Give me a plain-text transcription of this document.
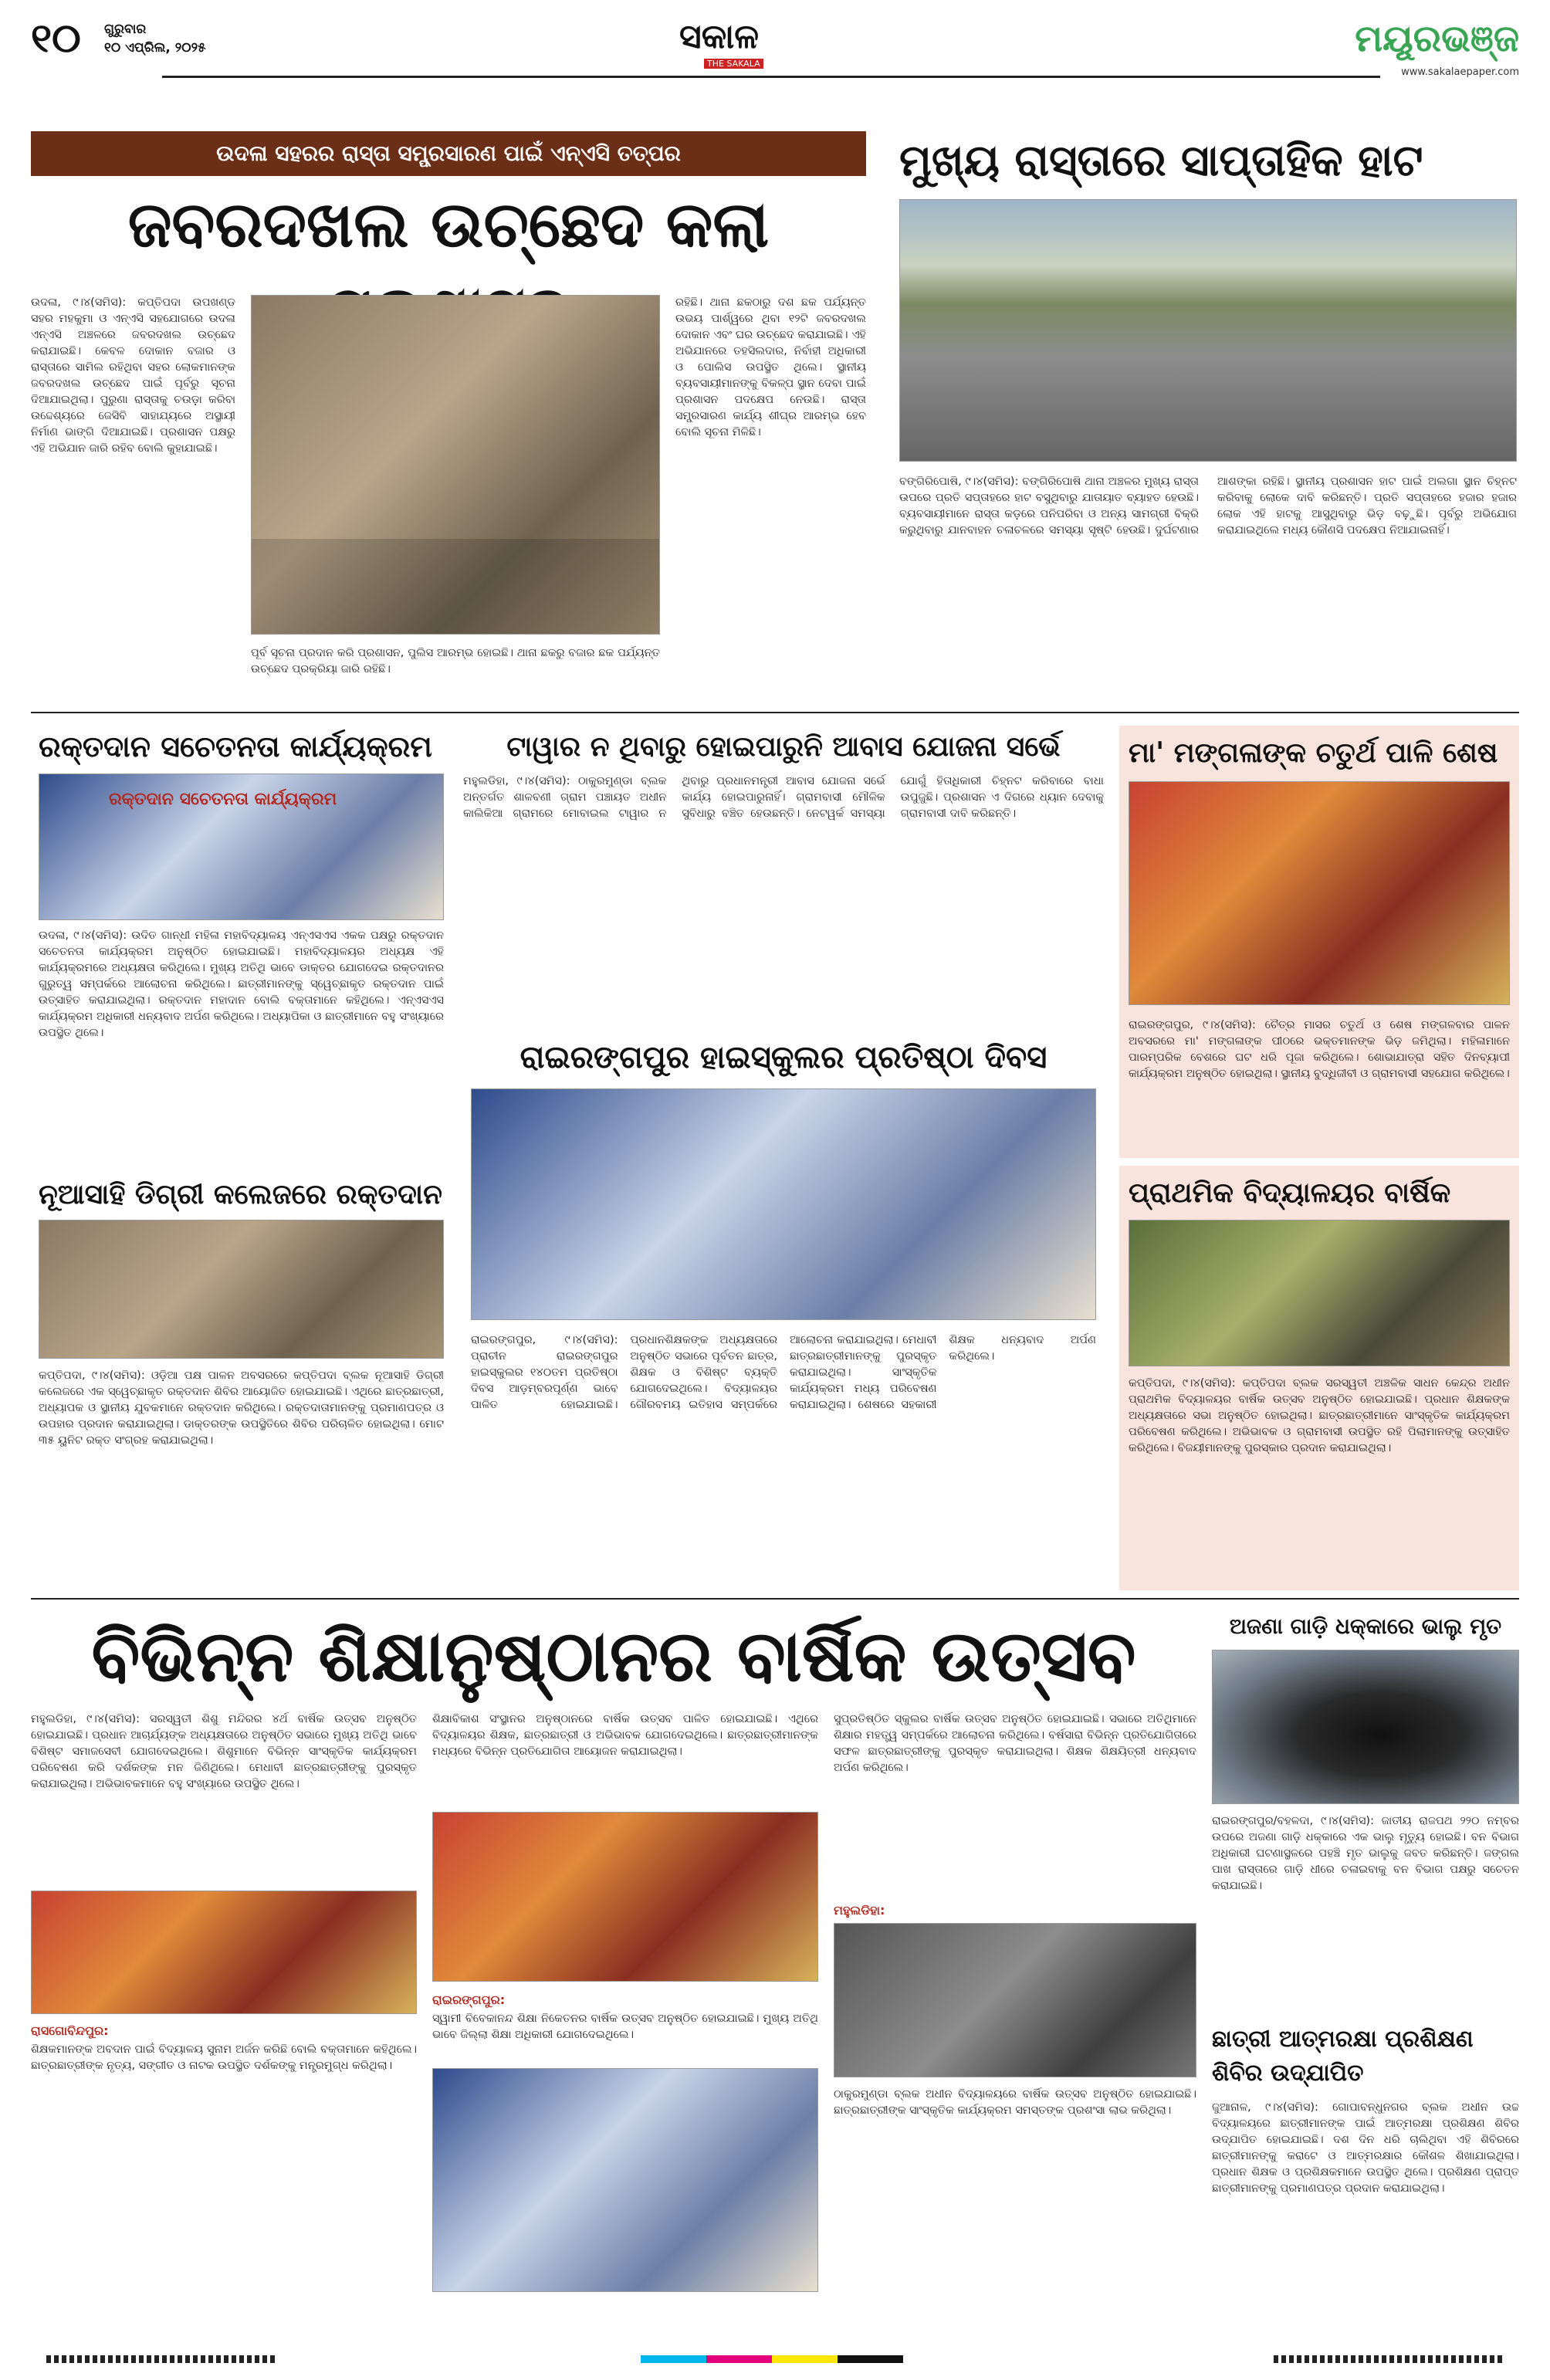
୧୦ ଗୁରୁବାର
୧୦ ଏପ୍ରିଲ, ୨୦୨୫	ସକାଳ
THE SAKALA
ମୟୂରଭଞ୍ଜ
www.sakalaepaper.com
ଉଦଳା ସହରର ରାସ୍ତା ସମ୍ପ୍ରସାରଣ ପାଇଁ ଏନ୍‌ଏସି ତତ୍ପର
ଜବରଦଖଲ ଉଚ୍ଛେଦ କଲା
ଉଦଳା, ୯।୪(ସମିସ): କପ୍ତିପଦା ଉପଖଣ୍ଡ ସହର ମହକୁମା ଓ ଏନ୍‌ଏସି ସହଯୋଗରେ ଉଦଳା ଏନ୍‌ଏସି ଅଞ୍ଚଳରେ ଜବରଦଖଲ ଉଚ୍ଛେଦ କରାଯାଇଛି। କେବଳ ଦୋକାନ ବଜାର ଓ ରାସ୍ତାରେ ସାମିଲ ରହିଥିବା ସହର ଲୋକମାନଙ୍କ ଜବରଦଖଲ ଉଚ୍ଛେଦ ପାଇଁ ପୂର୍ବରୁ ସୂଚନା ଦିଆଯାଇଥିଲା। ପୁରୁଣା ରାସ୍ତାକୁ ଚଉଡ଼ା କରିବା ଉଦ୍ଦେଶ୍ୟରେ ଜେସିବି ସାହାଯ୍ୟରେ ଅସ୍ଥାୟୀ ନିର୍ମାଣ ଭାଙ୍ଗି ଦିଆଯାଇଛି। ପ୍ରଶାସନ ପକ୍ଷରୁ ଏହି ଅଭିଯାନ ଜାରି ରହିବ ବୋଲି କୁହାଯାଇଛି।
ରହିଛି। ଥାନା ଛକଠାରୁ ଦଶ ଛକ ପର୍ଯ୍ୟନ୍ତ ଉଭୟ ପାର୍ଶ୍ୱରେ ଥିବା ୧୨ଟି ଜବରଦଖଲ ଦୋକାନ ଏବଂ ଘର ଉଚ୍ଛେଦ କରାଯାଇଛି। ଏହି ଅଭିଯାନରେ ତହସିଲଦାର, ନିର୍ବାହୀ ଅଧିକାରୀ ଓ ପୋଲିସ ଉପସ୍ଥିତ ଥିଲେ। ସ୍ଥାନୀୟ ବ୍ୟବସାୟୀମାନଙ୍କୁ ବିକଳ୍ପ ସ୍ଥାନ ଦେବା ପାଇଁ ପ୍ରଶାସନ ପଦକ୍ଷେପ ନେଉଛି। ରାସ୍ତା ସମ୍ପ୍ରସାରଣ କାର୍ଯ୍ୟ ଶୀଘ୍ର ଆରମ୍ଭ ହେବ ବୋଲି ସୂଚନା ମିଳିଛି।
ପୂର୍ବ ସୂଚନା ପ୍ରଦାନ କରି ପ୍ରଶାସନ, ପୁଲିସ ଆରମ୍ଭ ହୋଇଛି। ଥାନା ଛକରୁ ବଜାର ଛକ ପର୍ଯ୍ୟନ୍ତ ଉଚ୍ଛେଦ ପ୍ରକ୍ରିୟା ଜାରି ରହିଛି।
ମୁଖ୍ୟ ରାସ୍ତାରେ ସାପ୍ତାହିକ ହାଟ
ବଙ୍ଗିରିପୋଷି, ୯।୪(ସମିସ): ବଙ୍ଗିରିପୋଷି ଥାନା ଅଞ୍ଚଳର ମୁଖ୍ୟ ରାସ୍ତା ଉପରେ ପ୍ରତି ସପ୍ତାହରେ ହାଟ ବସୁଥିବାରୁ ଯାତାୟାତ ବ୍ୟାହତ ହେଉଛି। ବ୍ୟବସାୟୀମାନେ ରାସ୍ତା କଡ଼ରେ ପନିପରିବା ଓ ଅନ୍ୟ ସାମଗ୍ରୀ ବିକ୍ରି କରୁଥିବାରୁ ଯାନବାହନ ଚଳାଚଳରେ ସମସ୍ୟା ସୃଷ୍ଟି ହେଉଛି। ଦୁର୍ଘଟଣାର ଆଶଙ୍କା ରହିଛି। ସ୍ଥାନୀୟ ପ୍ରଶାସନ ହାଟ ପାଇଁ ଅଲଗା ସ୍ଥାନ ଚିହ୍ନଟ କରିବାକୁ ଲୋକେ ଦାବି କରିଛନ୍ତି। ପ୍ରତି ସପ୍ତାହରେ ହଜାର ହଜାର ଲୋକ ଏହି ହାଟକୁ ଆସୁଥିବାରୁ ଭିଡ଼ ବଢ଼ୁଛି। ପୂର୍ବରୁ ଅଭିଯୋଗ କରାଯାଇଥିଲେ ମଧ୍ୟ କୌଣସି ପଦକ୍ଷେପ ନିଆଯାଇନାହିଁ।
ରକ୍ତଦାନ ସଚେତନତା କାର୍ଯ୍ୟକ୍ରମ
ରକ୍ତଦାନ ସଚେତନତା କାର୍ଯ୍ୟକ୍ରମ
ଉଦଳା, ୯।୪(ସମିସ): ଉଦିତ ଗାନ୍ଧୀ ମହିଳା ମହାବିଦ୍ୟାଳୟ ଏନ୍‌ଏସଏସ ଏକକ ପକ୍ଷରୁ ରକ୍ତଦାନ ସଚେତନତା କାର୍ଯ୍ୟକ୍ରମ ଅନୁଷ୍ଠିତ ହୋଇଯାଇଛି। ମହାବିଦ୍ୟାଳୟର ଅଧ୍ୟକ୍ଷ ଏହି କାର୍ଯ୍ୟକ୍ରମରେ ଅଧ୍ୟକ୍ଷତା କରିଥିଲେ। ମୁଖ୍ୟ ଅତିଥି ଭାବେ ଡାକ୍ତର ଯୋଗଦେଇ ରକ୍ତଦାନର ଗୁରୁତ୍ୱ ସମ୍ପର୍କରେ ଆଲୋଚନା କରିଥିଲେ। ଛାତ୍ରୀମାନଙ୍କୁ ସ୍ୱେଚ୍ଛାକୃତ ରକ୍ତଦାନ ପାଇଁ ଉତ୍ସାହିତ କରାଯାଇଥିଲା। ରକ୍ତଦାନ ମହାଦାନ ବୋଲି ବକ୍ତାମାନେ କହିଥିଲେ। ଏନ୍‌ଏସଏସ କାର୍ଯ୍ୟକ୍ରମ ଅଧିକାରୀ ଧନ୍ୟବାଦ ଅର୍ପଣ କରିଥିଲେ। ଅଧ୍ୟାପିକା ଓ ଛାତ୍ରୀମାନେ ବହୁ ସଂଖ୍ୟାରେ ଉପସ୍ଥିତ ଥିଲେ।
ଟାୱାର ନ ଥିବାରୁ ହୋଇପାରୁନି ଆବାସ ଯୋଜନା ସର୍ଭେ
ମହୁଲଡିହା, ୯।୪(ସମିସ): ଠାକୁରମୁଣ୍ଡା ବ୍ଲକ ଅନ୍ତର୍ଗତ ଶାଳବଣୀ ଗ୍ରାମ ପଞ୍ଚାୟତ ଅଧୀନ କାଲିକିଆ ଗ୍ରାମରେ ମୋବାଇଲ ଟାୱାର ନ ଥିବାରୁ ପ୍ରଧାନମନ୍ତ୍ରୀ ଆବାସ ଯୋଜନା ସର୍ଭେ କାର୍ଯ୍ୟ ହୋଇପାରୁନାହିଁ। ଗ୍ରାମବାସୀ ମୌଳିକ ସୁବିଧାରୁ ବଞ୍ଚିତ ହେଉଛନ୍ତି। ନେଟୱର୍କ ସମସ୍ୟା ଯୋଗୁଁ ହିତାଧିକାରୀ ଚିହ୍ନଟ କରିବାରେ ବାଧା ଉପୁଜୁଛି। ପ୍ରଶାସନ ଏ ଦିଗରେ ଧ୍ୟାନ ଦେବାକୁ ଗ୍ରାମବାସୀ ଦାବି କରିଛନ୍ତି।
ମା' ମଙ୍ଗଳାଙ୍କ ଚତୁର୍ଥ ପାଳି ଶେଷ
ରାଇରଙ୍ଗପୁର, ୯।୪(ସମିସ): ଚୈତ୍ର ମାସର ଚତୁର୍ଥ ଓ ଶେଷ ମଙ୍ଗଳବାର ପାଳନ ଅବସରରେ ମା' ମଙ୍ଗଳାଙ୍କ ପୀଠରେ ଭକ୍ତମାନଙ୍କ ଭିଡ଼ ଜମିଥିଲା। ମହିଳାମାନେ ପାରମ୍ପରିକ ବେଶରେ ଘଟ ଧରି ପୂଜା କରିଥିଲେ। ଶୋଭାଯାତ୍ରା ସହିତ ଦିନବ୍ୟାପୀ କାର୍ଯ୍ୟକ୍ରମ ଅନୁଷ୍ଠିତ ହୋଇଥିଲା। ସ୍ଥାନୀୟ ବୁଦ୍ଧିଜୀବୀ ଓ ଗ୍ରାମବାସୀ ସହଯୋଗ କରିଥିଲେ।
ରାଇରଙ୍ଗପୁର ହାଇସ୍କୁଲର ପ୍ରତିଷ୍ଠା ଦିବସ
ରାଇରଙ୍ଗପୁର, ୯।୪(ସମିସ): ପ୍ରାଚୀନ ରାଇରଙ୍ଗପୁର ହାଇସ୍କୁଲର ୧୪୦ତମ ପ୍ରତିଷ୍ଠା ଦିବସ ଆଡ଼ମ୍ବରପୂର୍ଣ୍ଣ ଭାବେ ପାଳିତ ହୋଇଯାଇଛି। ପ୍ରଧାନଶିକ୍ଷକଙ୍କ ଅଧ୍ୟକ୍ଷତାରେ ଅନୁଷ୍ଠିତ ସଭାରେ ପୂର୍ବତନ ଛାତ୍ର, ଶିକ୍ଷକ ଓ ବିଶିଷ୍ଟ ବ୍ୟକ୍ତି ଯୋଗଦେଇଥିଲେ। ବିଦ୍ୟାଳୟର ଗୌରବମୟ ଇତିହାସ ସମ୍ପର୍କରେ ଆଲୋଚନା କରାଯାଇଥିଲା। ମେଧାବୀ ଛାତ୍ରଛାତ୍ରୀମାନଙ୍କୁ ପୁରସ୍କୃତ କରାଯାଇଥିଲା। ସାଂସ୍କୃତିକ କାର୍ଯ୍ୟକ୍ରମ ମଧ୍ୟ ପରିବେଷଣ କରାଯାଇଥିଲା। ଶେଷରେ ସହକାରୀ ଶିକ୍ଷକ ଧନ୍ୟବାଦ ଅର୍ପଣ କରିଥିଲେ।
ନୂଆସାହି ଡିଗ୍ରୀ କଲେଜରେ ରକ୍ତଦାନ
କପ୍ତିପଦା, ୯।୪(ସମିସ): ଓଡ଼ିଆ ପକ୍ଷ ପାଳନ ଅବସରରେ କପ୍ତିପଦା ବ୍ଲକ ନୂଆସାହି ଡିଗ୍ରୀ କଲେଜରେ ଏକ ସ୍ୱେଚ୍ଛାକୃତ ରକ୍ତଦାନ ଶିବିର ଆୟୋଜିତ ହୋଇଯାଇଛି। ଏଥିରେ ଛାତ୍ରଛାତ୍ରୀ, ଅଧ୍ୟାପକ ଓ ସ୍ଥାନୀୟ ଯୁବକମାନେ ରକ୍ତଦାନ କରିଥିଲେ। ରକ୍ତଦାତାମାନଙ୍କୁ ପ୍ରମାଣପତ୍ର ଓ ଉପହାର ପ୍ରଦାନ କରାଯାଇଥିଲା। ଡାକ୍ତରଙ୍କ ଉପସ୍ଥିତିରେ ଶିବିର ପରିଚାଳିତ ହୋଇଥିଲା। ମୋଟ ୩୫ ୟୁନିଟ ରକ୍ତ ସଂଗ୍ରହ କରାଯାଇଥିଲା।
ପ୍ରାଥମିକ ବିଦ୍ୟାଳୟର ବାର୍ଷିକ
କପ୍ତିପଦା, ୯।୪(ସମିସ): କପ୍ତିପଦା ବ୍ଲକ ସରସ୍ୱତୀ ଅଞ୍ଚଳିକ ସାଧନ କେନ୍ଦ୍ର ଅଧୀନ ପ୍ରାଥମିକ ବିଦ୍ୟାଳୟର ବାର୍ଷିକ ଉତ୍ସବ ଅନୁଷ୍ଠିତ ହୋଇଯାଇଛି। ପ୍ରଧାନ ଶିକ୍ଷକଙ୍କ ଅଧ୍ୟକ୍ଷତାରେ ସଭା ଅନୁଷ୍ଠିତ ହୋଇଥିଲା। ଛାତ୍ରଛାତ୍ରୀମାନେ ସାଂସ୍କୃତିକ କାର୍ଯ୍ୟକ୍ରମ ପରିବେଷଣ କରିଥିଲେ। ଅଭିଭାବକ ଓ ଗ୍ରାମବାସୀ ଉପସ୍ଥିତ ରହି ପିଲାମାନଙ୍କୁ ଉତ୍ସାହିତ କରିଥିଲେ। ବିଜୟୀମାନଙ୍କୁ ପୁରସ୍କାର ପ୍ରଦାନ କରାଯାଇଥିଲା।
ବିଭିନ୍ନ ଶିକ୍ଷାନୁଷ୍ଠାନର ବାର୍ଷିକ ଉତ୍ସବ
ମହୁଲଡିହା, ୯।୪(ସମିସ): ସରସ୍ୱତୀ ଶିଶୁ ମନ୍ଦିରର ୪ର୍ଥ ବାର୍ଷିକ ଉତ୍ସବ ଅନୁଷ୍ଠିତ ହୋଇଯାଇଛି। ପ୍ରଧାନ ଆଚାର୍ଯ୍ୟଙ୍କ ଅଧ୍ୟକ୍ଷତାରେ ଅନୁଷ୍ଠିତ ସଭାରେ ମୁଖ୍ୟ ଅତିଥି ଭାବେ ବିଶିଷ୍ଟ ସମାଜସେବୀ ଯୋଗଦେଇଥିଲେ। ଶିଶୁମାନେ ବିଭିନ୍ନ ସାଂସ୍କୃତିକ କାର୍ଯ୍ୟକ୍ରମ ପରିବେଷଣ କରି ଦର୍ଶକଙ୍କ ମନ ଜିଣିଥିଲେ। ମେଧାବୀ ଛାତ୍ରଛାତ୍ରୀଙ୍କୁ ପୁରସ୍କୃତ କରାଯାଇଥିଲା। ଅଭିଭାବକମାନେ ବହୁ ସଂଖ୍ୟାରେ ଉପସ୍ଥିତ ଥିଲେ।
ରାସଗୋବିନ୍ଦପୁର:
ଶିକ୍ଷକମାନଙ୍କ ଅବଦାନ ପାଇଁ ବିଦ୍ୟାଳୟ ସୁନାମ ଅର୍ଜନ କରିଛି ବୋଲି ବକ୍ତାମାନେ କହିଥିଲେ। ଛାତ୍ରଛାତ୍ରୀଙ୍କ ନୃତ୍ୟ, ସଙ୍ଗୀତ ଓ ନାଟକ ଉପସ୍ଥିତ ଦର୍ଶକଙ୍କୁ ମନ୍ତ୍ରମୁଗ୍ଧ କରିଥିଲା।
ଶିକ୍ଷାବିକାଶ ସଂସ୍ଥାନର ଅନୁଷ୍ଠାନରେ ବାର୍ଷିକ ଉତ୍ସବ ପାଳିତ ହୋଇଯାଇଛି। ଏଥିରେ ବିଦ୍ୟାଳୟର ଶିକ୍ଷକ, ଛାତ୍ରଛାତ୍ରୀ ଓ ଅଭିଭାବକ ଯୋଗଦେଇଥିଲେ। ଛାତ୍ରଛାତ୍ରୀମାନଙ୍କ ମଧ୍ୟରେ ବିଭିନ୍ନ ପ୍ରତିଯୋଗିତା ଆୟୋଜନ କରାଯାଇଥିଲା।
ରାଇରଙ୍ଗପୁର:
ସ୍ୱାମୀ ବିବେକାନନ୍ଦ ଶିକ୍ଷା ନିକେତନର ବାର୍ଷିକ ଉତ୍ସବ ଅନୁଷ୍ଠିତ ହୋଇଯାଇଛି। ମୁଖ୍ୟ ଅତିଥି ଭାବେ ଜିଲ୍ଲା ଶିକ୍ଷା ଅଧିକାରୀ ଯୋଗଦେଇଥିଲେ।
ସୁପ୍ରତିଷ୍ଠିତ ସ୍କୁଲର ବାର୍ଷିକ ଉତ୍ସବ ଅନୁଷ୍ଠିତ ହୋଇଯାଇଛି। ସଭାରେ ଅତିଥିମାନେ ଶିକ୍ଷାର ମହତ୍ତ୍ୱ ସମ୍ପର୍କରେ ଆଲୋଚନା କରିଥିଲେ। ବର୍ଷସାରା ବିଭିନ୍ନ ପ୍ରତିଯୋଗିତାରେ ସଫଳ ଛାତ୍ରଛାତ୍ରୀଙ୍କୁ ପୁରସ୍କୃତ କରାଯାଇଥିଲା। ଶିକ୍ଷକ ଶିକ୍ଷୟିତ୍ରୀ ଧନ୍ୟବାଦ ଅର୍ପଣ କରିଥିଲେ।
ମହୁଲଡିହା:
ଠାକୁରମୁଣ୍ଡା ବ୍ଲକ ଅଧୀନ ବିଦ୍ୟାଳୟରେ ବାର୍ଷିକ ଉତ୍ସବ ଅନୁଷ୍ଠିତ ହୋଇଯାଇଛି। ଛାତ୍ରଛାତ୍ରୀଙ୍କ ସାଂସ୍କୃତିକ କାର୍ଯ୍ୟକ୍ରମ ସମସ୍ତଙ୍କ ପ୍ରଶଂସା ଲାଭ କରିଥିଲା।
ଅଜଣା ଗାଡ଼ି ଧକ୍କାରେ ଭାଲୁ ମୃତ
ରାଇରଙ୍ଗପୁର/ବହଳଦା, ୯।୪(ସମିସ): ଜାତୀୟ ରାଜପଥ ୨୨୦ ନମ୍ବର ଉପରେ ଅଜଣା ଗାଡ଼ି ଧକ୍କାରେ ଏକ ଭାଲୁ ମୃତ୍ୟୁ ହୋଇଛି। ବନ ବିଭାଗ ଅଧିକାରୀ ଘଟଣାସ୍ଥଳରେ ପହଞ୍ଚି ମୃତ ଭାଲୁକୁ ଜବତ କରିଛନ୍ତି। ଜଙ୍ଗଲ ପାଖ ରାସ୍ତାରେ ଗାଡ଼ି ଧୀରେ ଚଳାଇବାକୁ ବନ ବିଭାଗ ପକ୍ଷରୁ ସଚେତନ କରାଯାଇଛି।
ଛାତ୍ରୀ ଆତ୍ମରକ୍ଷା ପ୍ରଶିକ୍ଷଣ ଶିବିର ଉଦ୍‌ଯାପିତ
ଜୁଆନାଳ, ୯।୪(ସମିସ): ଗୋପାବନ୍ଧୁନଗର ବ୍ଲକ ଅଧୀନ ଉଚ୍ଚ ବିଦ୍ୟାଳୟରେ ଛାତ୍ରୀମାନଙ୍କ ପାଇଁ ଆତ୍ମରକ୍ଷା ପ୍ରଶିକ୍ଷଣ ଶିବିର ଉଦ୍‌ଯାପିତ ହୋଇଯାଇଛି। ଦଶ ଦିନ ଧରି ଚାଲିଥିବା ଏହି ଶିବିରରେ ଛାତ୍ରୀମାନଙ୍କୁ କରାଟେ ଓ ଆତ୍ମରକ୍ଷାର କୌଶଳ ଶିଖାଯାଇଥିଲା। ପ୍ରଧାନ ଶିକ୍ଷକ ଓ ପ୍ରଶିକ୍ଷକମାନେ ଉପସ୍ଥିତ ଥିଲେ। ପ୍ରଶିକ୍ଷଣ ପ୍ରାପ୍ତ ଛାତ୍ରୀମାନଙ୍କୁ ପ୍ରମାଣପତ୍ର ପ୍ରଦାନ କରାଯାଇଥିଲା।
